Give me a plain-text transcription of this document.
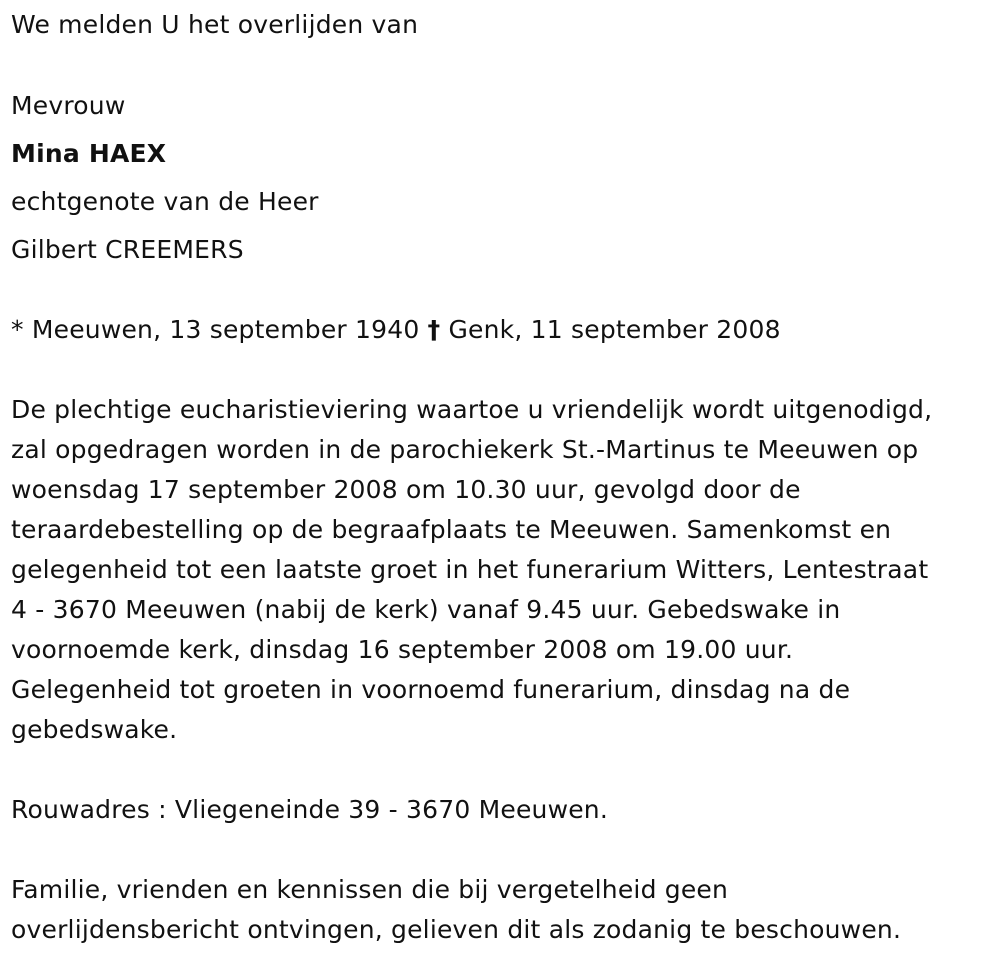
We melden U het overlijden van
Mevrouw
Mina HAEX
echtgenote van de Heer
Gilbert CREEMERS
* Meeuwen, 13 september 1940 † Genk, 11 september 2008
De plechtige eucharistieviering waartoe u vriendelijk wordt uitgenodigd,
zal opgedragen worden in de parochiekerk St.-Martinus te Meeuwen op
woensdag 17 september 2008 om 10.30 uur, gevolgd door de
teraardebestelling op de begraafplaats te Meeuwen. Samenkomst en
gelegenheid tot een laatste groet in het funerarium Witters, Lentestraat
4 - 3670 Meeuwen (nabij de kerk) vanaf 9.45 uur. Gebedswake in
voornoemde kerk, dinsdag 16 september 2008 om 19.00 uur.
Gelegenheid tot groeten in voornoemd funerarium, dinsdag na de
gebedswake.
Rouwadres : Vliegeneinde 39 - 3670 Meeuwen.
Familie, vrienden en kennissen die bij vergetelheid geen
overlijdensbericht ontvingen, gelieven dit als zodanig te beschouwen.
